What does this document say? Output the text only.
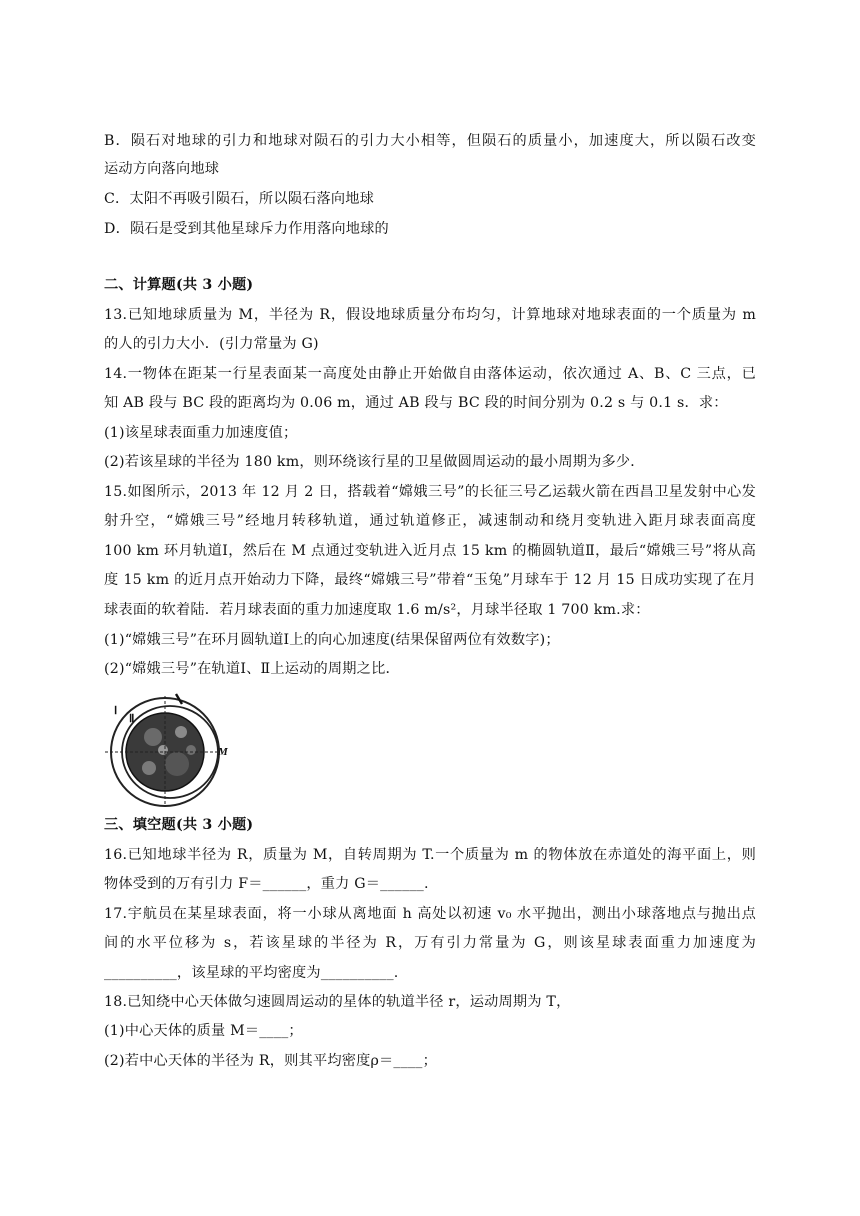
B．陨石对地球的引力和地球对陨石的引力大小相等，但陨石的质量小，加速度大，所以陨石改变
运动方向落向地球
C．太阳不再吸引陨石，所以陨石落向地球
D．陨石是受到其他星球斥力作用落向地球的
二、计算题(共 3 小题)
13.已知地球质量为 M，半径为 R，假设地球质量分布均匀，计算地球对地球表面的一个质量为 m
的人的引力大小．(引力常量为 G)
14.一物体在距某一行星表面某一高度处由静止开始做自由落体运动，依次通过 A、B、C 三点，已
知 AB 段与 BC 段的距离均为 0.06 m，通过 AB 段与 BC 段的时间分别为 0.2 s 与 0.1 s．求：
(1)该星球表面重力加速度值；
(2)若该星球的半径为 180 km，则环绕该行星的卫星做圆周运动的最小周期为多少．
15.如图所示，2013 年 12 月 2 日，搭载着“嫦娥三号”的长征三号乙运载火箭在西昌卫星发射中心发
射升空，“嫦娥三号”经地月转移轨道，通过轨道修正，减速制动和绕月变轨进入距月球表面高度
100 km 环月轨道Ⅰ，然后在 M 点通过变轨进入近月点 15 km 的椭圆轨道Ⅱ，最后“嫦娥三号”将从高
度 15 km 的近月点开始动力下降，最终“嫦娥三号”带着“玉兔”月球车于 12 月 15 日成功实现了在月
球表面的软着陆．若月球表面的重力加速度取 1.6 m/s²，月球半径取 1 700 km.求：
(1)“嫦娥三号”在环月圆轨道Ⅰ上的向心加速度(结果保留两位有效数字)；
(2)“嫦娥三号”在轨道Ⅰ、Ⅱ上运动的周期之比．
Ⅰ
Ⅱ
M
三、填空题(共 3 小题)
16.已知地球半径为 R，质量为 M，自转周期为 T.一个质量为 m 的物体放在赤道处的海平面上，则
物体受到的万有引力 F＝______，重力 G＝______.
17.宇航员在某星球表面，将一小球从离地面 h 高处以初速 v₀ 水平抛出，测出小球落地点与抛出点
间的水平位移为 s，若该星球的半径为 R，万有引力常量为 G，则该星球表面重力加速度为
__________，该星球的平均密度为__________.
18.已知绕中心天体做匀速圆周运动的星体的轨道半径 r，运动周期为 T，
(1)中心天体的质量 M＝____；
(2)若中心天体的半径为 R，则其平均密度ρ＝____；
